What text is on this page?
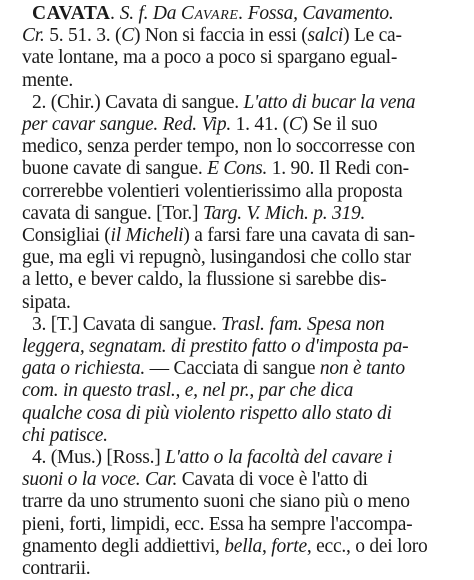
CAVATA. S. f. Da Cavare. Fossa, Cavamento.
Cr. 5. 51. 3. (C) Non si faccia in essi (salci) Le ca-
vate lontane, ma a poco a poco si spargano egual-
mente.
2. (Chir.) Cavata di sangue. L'atto di bucar la vena
per cavar sangue. Red. Vip. 1. 41. (C) Se il suo
medico, senza perder tempo, non lo soccorresse con
buone cavate di sangue. E Cons. 1. 90. Il Redi con-
correrebbe volentieri volentierissimo alla proposta
cavata di sangue. [Tor.] Targ. V. Mich. p. 319.
Consigliai (il Micheli) a farsi fare una cavata di san-
gue, ma egli vi repugnò, lusingandosi che collo star
a letto, e bever caldo, la flussione si sarebbe dis-
sipata.
3. [T.] Cavata di sangue. Trasl. fam. Spesa non
leggera, segnatam. di prestito fatto o d'imposta pa-
gata o richiesta. — Cacciata di sangue non è tanto
com. in questo trasl., e, nel pr., par che dica
qualche cosa di più violento rispetto allo stato di
chi patisce.
4. (Mus.) [Ross.] L'atto o la facoltà del cavare i
suoni o la voce. Car. Cavata di voce è l'atto di
trarre da uno strumento suoni che siano più o meno
pieni, forti, limpidi, ecc. Essa ha sempre l'accompa-
gnamento degli addiettivi, bella, forte, ecc., o dei loro
contrarii.
